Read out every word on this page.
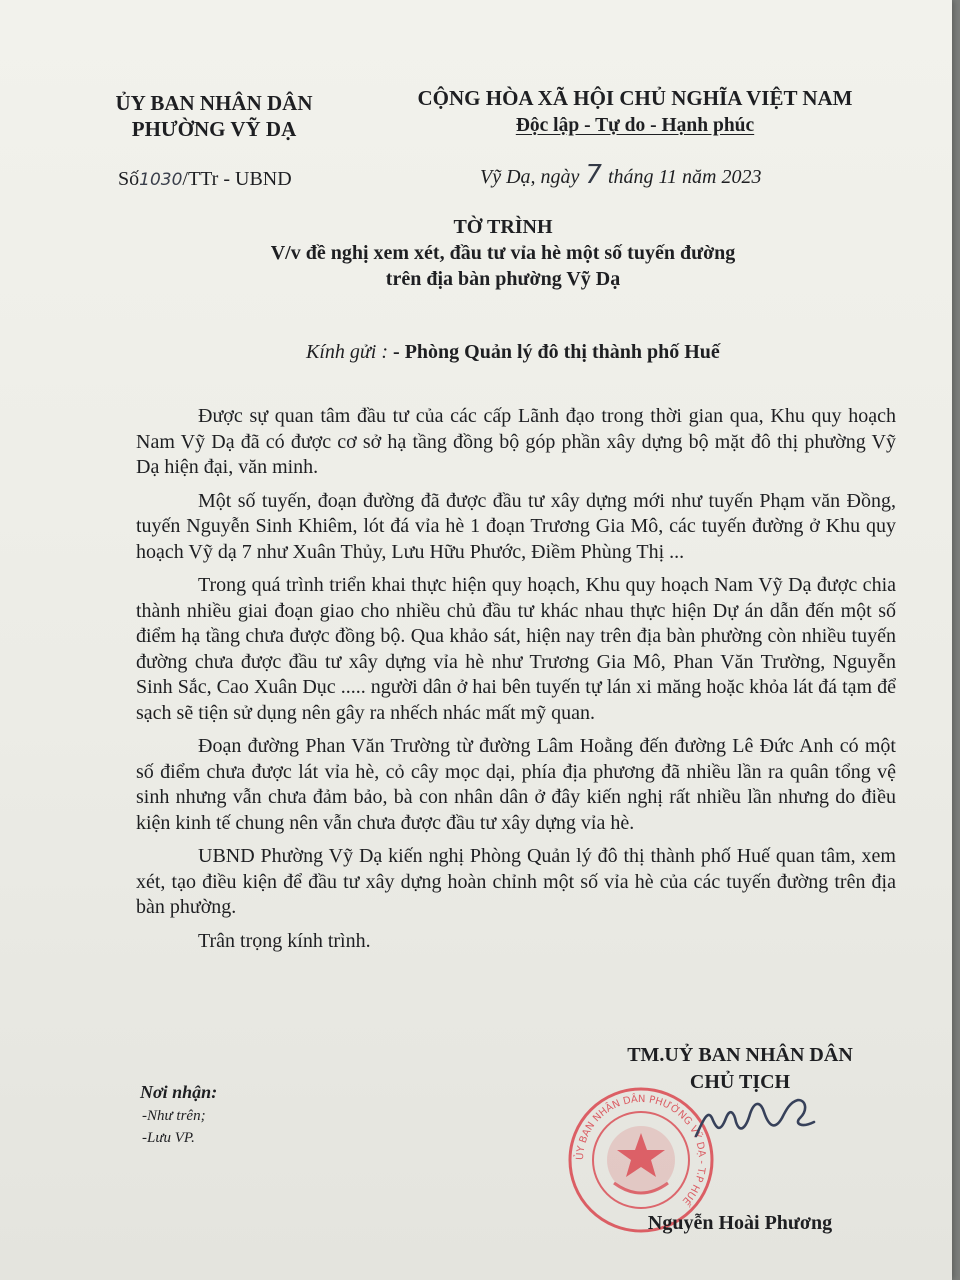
ỦY BAN NHÂN DÂN
PHƯỜNG VỸ DẠ
CỘNG HÒA XÃ HỘI CHỦ NGHĨA VIỆT NAM
Độc lập - Tự do - Hạnh phúc
Số1030/TTr - UBND	Vỹ Dạ, ngày 7 tháng 11 năm 2023
TỜ TRÌNH
V/v đề nghị xem xét, đầu tư vỉa hè một số tuyến đường
trên địa bàn phường Vỹ Dạ
Kính gửi : - Phòng Quản lý đô thị thành phố Huế

Được sự quan tâm đầu tư của các cấp Lãnh đạo trong thời gian qua, Khu quy hoạch Nam Vỹ Dạ đã có được cơ sở hạ tầng đồng bộ góp phần xây dựng bộ mặt đô thị phường Vỹ Dạ hiện đại, văn minh.

Một số tuyến, đoạn đường đã được đầu tư xây dựng mới như tuyến Phạm văn Đồng, tuyến Nguyễn Sinh Khiêm, lót đá vỉa hè 1 đoạn Trương Gia Mô, các tuyến đường ở Khu quy hoạch Vỹ dạ 7 như Xuân Thủy, Lưu Hữu Phước, Điềm Phùng Thị ...

Trong quá trình triển khai thực hiện quy hoạch, Khu quy hoạch Nam Vỹ Dạ được chia thành nhiều giai đoạn giao cho nhiều chủ đầu tư khác nhau thực hiện Dự án dẫn đến một số điểm hạ tầng chưa được đồng bộ. Qua khảo sát, hiện nay trên địa bàn phường còn nhiều tuyến đường chưa được đầu tư xây dựng vỉa hè như Trương Gia Mô, Phan Văn Trường, Nguyễn Sinh Sắc, Cao Xuân Dục ..... người dân ở hai bên tuyến tự lán xi măng hoặc khỏa lát đá tạm để sạch sẽ tiện sử dụng nên gây ra nhếch nhác mất mỹ quan.

Đoạn đường Phan Văn Trường từ đường Lâm Hoằng đến đường Lê Đức Anh có một số điểm chưa được lát vỉa hè, cỏ cây mọc dại, phía địa phương đã nhiều lần ra quân tổng vệ sinh nhưng vẫn chưa đảm bảo, bà con nhân dân ở đây kiến nghị rất nhiều lần nhưng do điều kiện kinh tế chung nên vẫn chưa được đầu tư xây dựng vỉa hè.

UBND Phường Vỹ Dạ kiến nghị Phòng Quản lý đô thị thành phố Huế quan tâm, xem xét, tạo điều kiện để đầu tư xây dựng hoàn chỉnh một số vỉa hè của các tuyến đường trên địa bàn phường.

Trân trọng kính trình.

TM.UỶ BAN NHÂN DÂN
CHỦ TỊCH
ỦY BAN NHÂN DÂN PHƯỜNG VỸ DẠ - T.P HUẾ
Nguyễn Hoài Phương
Nơi nhận:
-Như trên;
-Lưu VP.
